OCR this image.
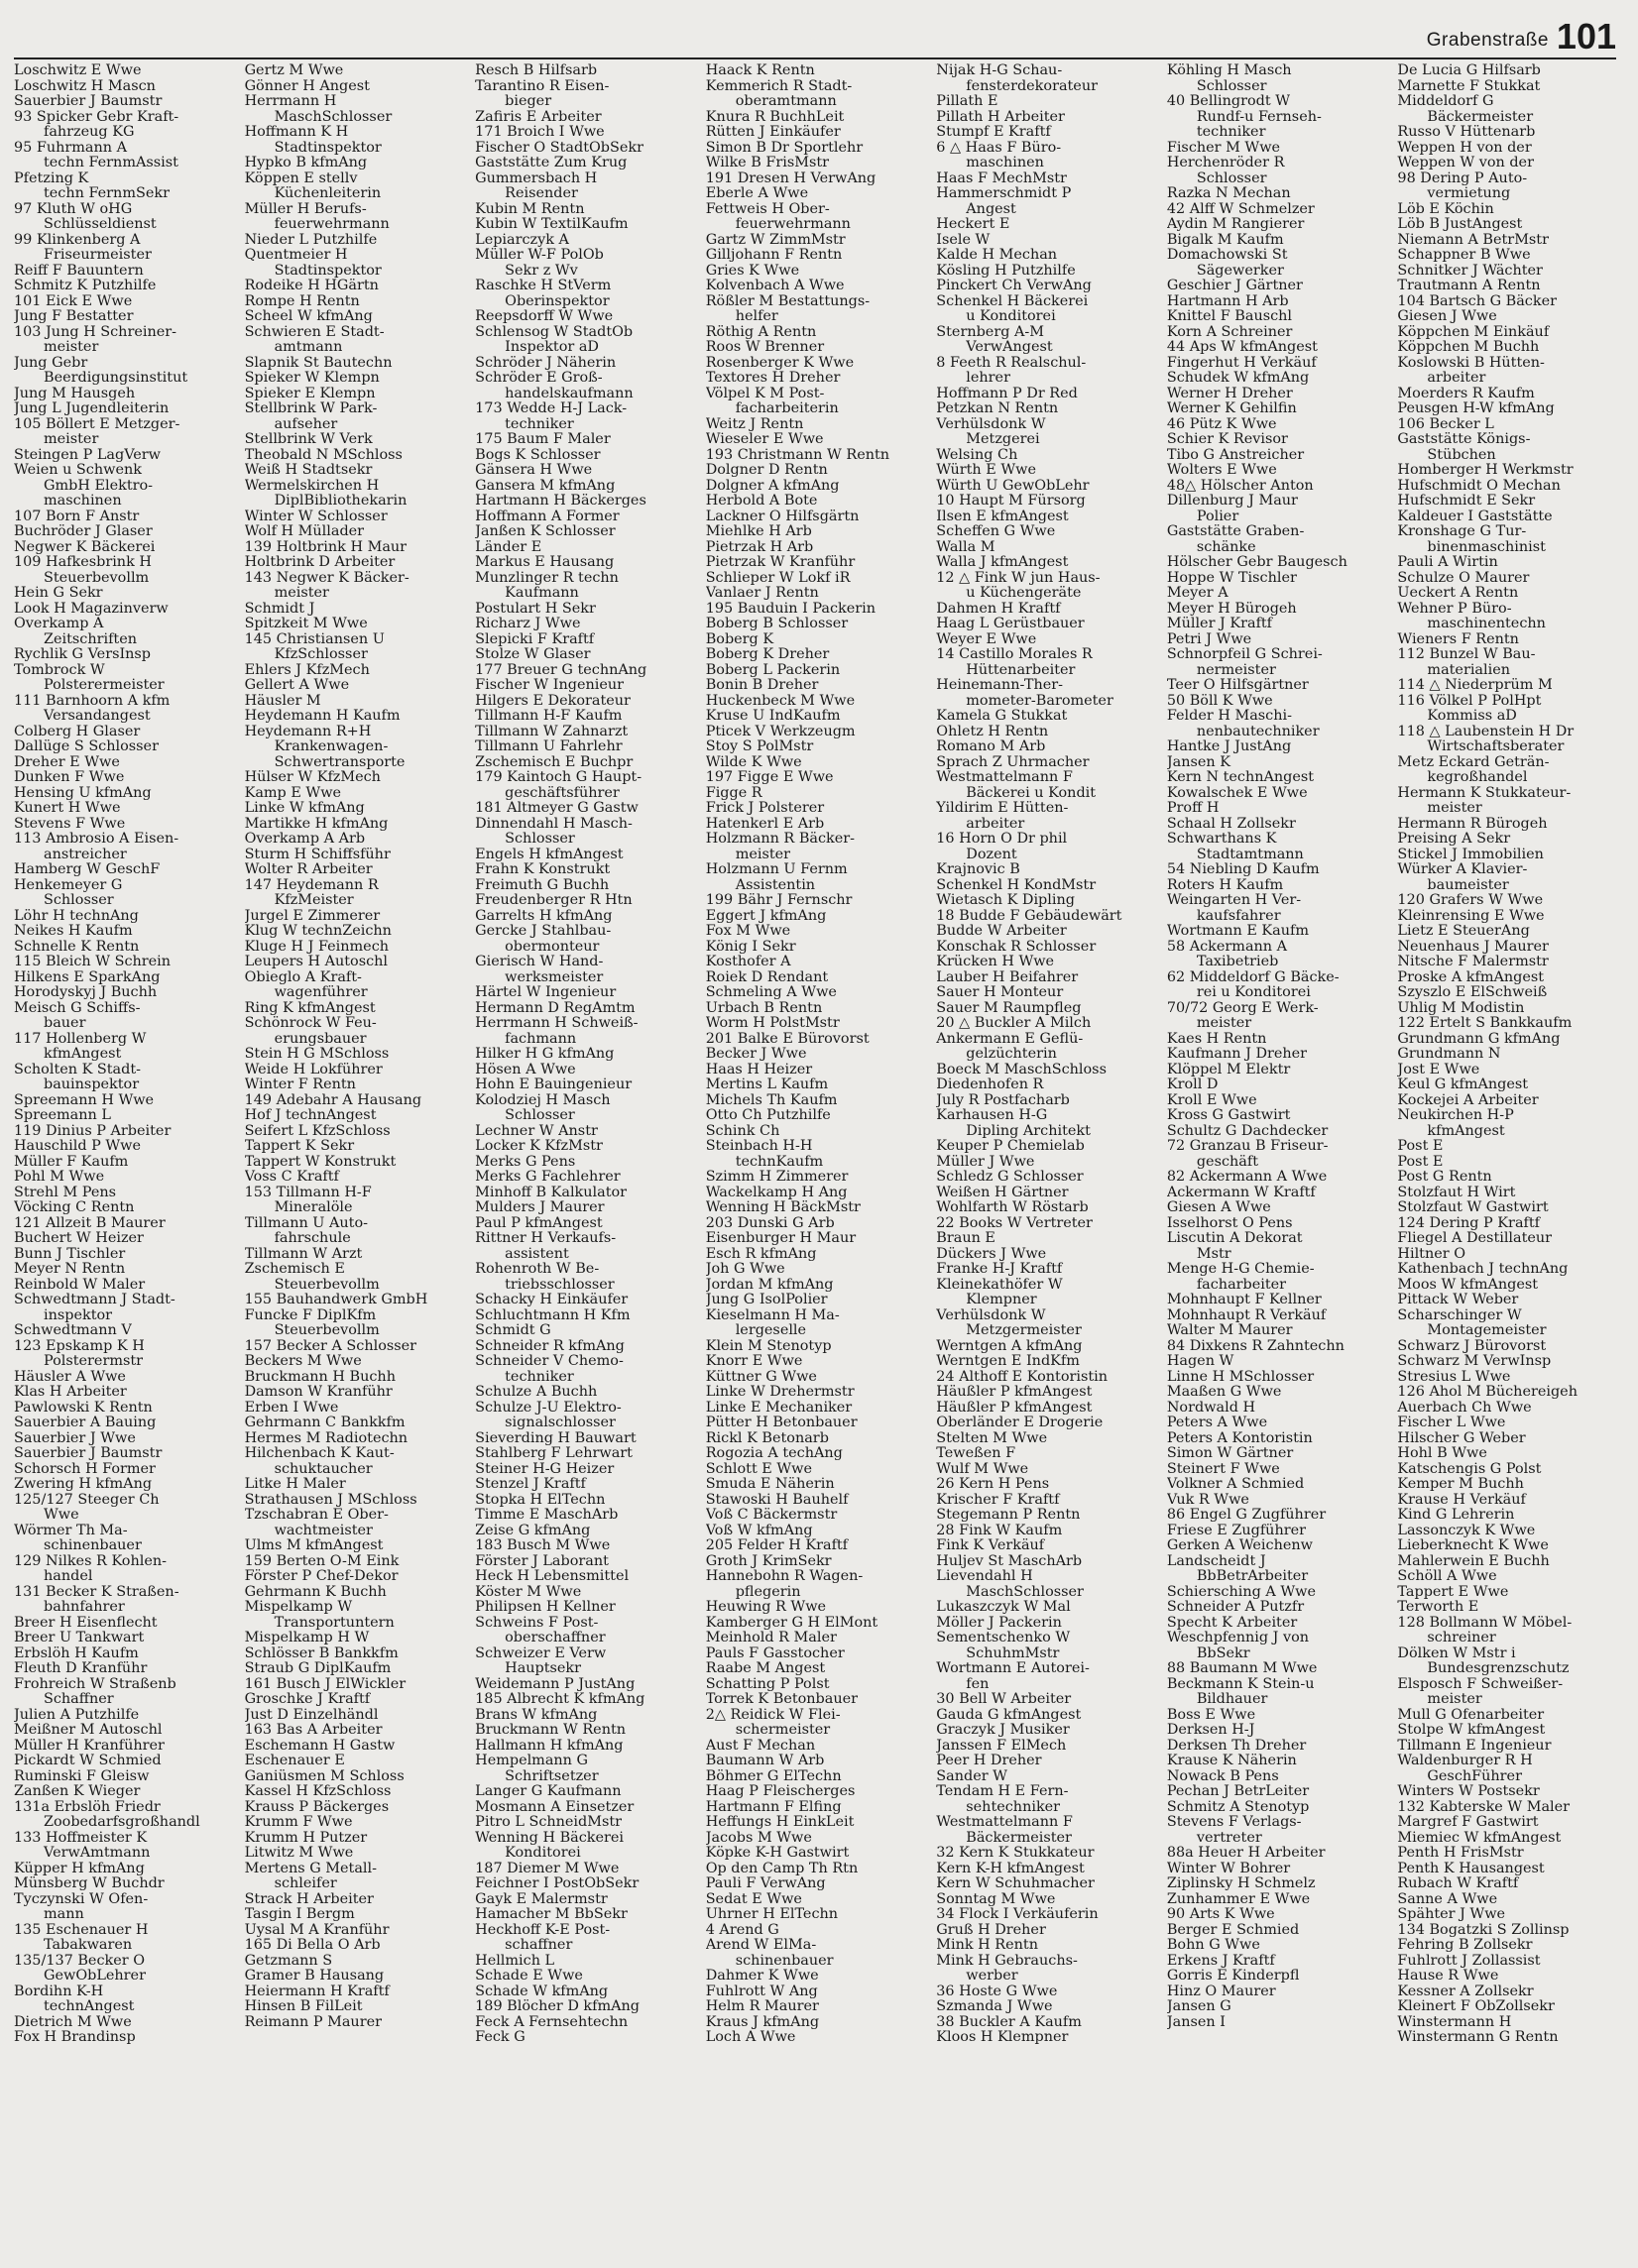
Grabenstraße 101
Loschwitz E Wwe
Loschwitz H Mascn
Sauerbier J Baumstr
93 Spicker Gebr Kraft-
fahrzeug KG
95 Fuhrmann A
techn FernmAssist
Pfetzing K
techn FernmSekr
97 Kluth W oHG
Schlüsseldienst
99 Klinkenberg A
Friseurmeister
Reiff F Bauuntern
Schmitz K Putzhilfe
101 Eick E Wwe
Jung F Bestatter
103 Jung H Schreiner-
meister
Jung Gebr
Beerdigungsinstitut
Jung M Hausgeh
Jung L Jugendleiterin
105 Böllert E Metzger-
meister
Steingen P LagVerw
Weien u Schwenk
GmbH Elektro-
maschinen
107 Born F Anstr
Buchröder J Glaser
Negwer K Bäckerei
109 Hafkesbrink H
Steuerbevollm
Hein G Sekr
Look H Magazinverw
Overkamp A
Zeitschriften
Rychlik G VersInsp
Tombrock W
Polsterermeister
111 Barnhoorn A kfm
Versandangest
Colberg H Glaser
Dallüge S Schlosser
Dreher E Wwe
Dunken F Wwe
Hensing U kfmAng
Kunert H Wwe
Stevens F Wwe
113 Ambrosio A Eisen-
anstreicher
Hamberg W GeschF
Henkemeyer G
Schlosser
Löhr H technAng
Neikes H Kaufm
Schnelle K Rentn
115 Bleich W Schrein
Hilkens E SparkAng
Horodyskyj J Buchh
Meisch G Schiffs-
bauer
117 Hollenberg W
kfmAngest
Scholten K Stadt-
bauinspektor
Spreemann H Wwe
Spreemann L
119 Dinius P Arbeiter
Hauschild P Wwe
Müller F Kaufm
Pohl M Wwe
Strehl M Pens
Vöcking C Rentn
121 Allzeit B Maurer
Buchert W Heizer
Bunn J Tischler
Meyer N Rentn
Reinbold W Maler
Schwedtmann J Stadt-
inspektor
Schwedtmann V
123 Epskamp K H
Polsterermstr
Häusler A Wwe
Klas H Arbeiter
Pawlowski K Rentn
Sauerbier A Bauing
Sauerbier J Wwe
Sauerbier J Baumstr
Schorsch H Former
Zwering H kfmAng
125/127 Steeger Ch
Wwe
Wörmer Th Ma-
schinenbauer
129 Nilkes R Kohlen-
handel
131 Becker K Straßen-
bahnfahrer
Breer H Eisenflecht
Breer U Tankwart
Erbslöh H Kaufm
Fleuth D Kranführ
Frohreich W Straßenb
Schaffner
Julien A Putzhilfe
Meißner M Autoschl
Müller H Kranführer
Pickardt W Schmied
Ruminski F Gleisw
Zanßen K Wieger
131a Erbslöh Friedr
Zoobedarfsgroßhandl
133 Hoffmeister K
VerwAmtmann
Küpper H kfmAng
Münsberg W Buchdr
Tyczynski W Ofen-
mann
135 Eschenauer H
Tabakwaren
135/137 Becker O
GewObLehrer
Bordihn K-H
technAngest
Dietrich M Wwe
Fox H Brandinsp
Gertz M Wwe
Gönner H Angest
Herrmann H
MaschSchlosser
Hoffmann K H
Stadtinspektor
Hypko B kfmAng
Köppen E stellv
Küchenleiterin
Müller H Berufs-
feuerwehrmann
Nieder L Putzhilfe
Quentmeier H
Stadtinspektor
Rodeike H HGärtn
Rompe H Rentn
Scheel W kfmAng
Schwieren E Stadt-
amtmann
Slapnik St Bautechn
Spieker W Klempn
Spieker E Klempn
Stellbrink W Park-
aufseher
Stellbrink W Verk
Theobald N MSchloss
Weiß H Stadtsekr
Wermelskirchen H
DiplBibliothekarin
Winter W Schlosser
Wolf H Müllader
139 Holtbrink H Maur
Holtbrink D Arbeiter
143 Negwer K Bäcker-
meister
Schmidt J
Spitzkeit M Wwe
145 Christiansen U
KfzSchlosser
Ehlers J KfzMech
Gellert A Wwe
Häusler M
Heydemann H Kaufm
Heydemann R+H
Krankenwagen-
Schwertransporte
Hülser W KfzMech
Kamp E Wwe
Linke W kfmAng
Martikke H kfmAng
Overkamp A Arb
Sturm H Schiffsführ
Wolter R Arbeiter
147 Heydemann R
KfzMeister
Jurgel E Zimmerer
Klug W technZeichn
Kluge H J Feinmech
Leupers H Autoschl
Obieglo A Kraft-
wagenführer
Ring K kfmAngest
Schönrock W Feu-
erungsbauer
Stein H G MSchloss
Weide H Lokführer
Winter F Rentn
149 Adebahr A Hausang
Hof J technAngest
Seifert L KfzSchloss
Tappert K Sekr
Tappert W Konstrukt
Voss C Kraftf
153 Tillmann H-F
Mineralöle
Tillmann U Auto-
fahrschule
Tillmann W Arzt
Zschemisch E
Steuerbevollm
155 Bauhandwerk GmbH
Funcke F DiplKfm
Steuerbevollm
157 Becker A Schlosser
Beckers M Wwe
Bruckmann H Buchh
Damson W Kranführ
Erben I Wwe
Gehrmann C Bankkfm
Hermes M Radiotechn
Hilchenbach K Kaut-
schuktaucher
Litke H Maler
Strathausen J MSchloss
Tzschabran E Ober-
wachtmeister
Ulms M kfmAngest
159 Berten O-M Eink
Förster P Chef-Dekor
Gehrmann K Buchh
Mispelkamp W
Transportuntern
Mispelkamp H W
Schlösser B Bankkfm
Straub G DiplKaufm
161 Busch J ElWickler
Groschke J Kraftf
Just D Einzelhändl
163 Bas A Arbeiter
Eschemann H Gastw
Eschenauer E
Ganiüsmen M Schloss
Kassel H KfzSchloss
Krauss P Bäckerges
Krumm F Wwe
Krumm H Putzer
Litwitz M Wwe
Mertens G Metall-
schleifer
Strack H Arbeiter
Tasgin I Bergm
Uysal M A Kranführ
165 Di Bella O Arb
Getzmann S
Gramer B Hausang
Heiermann H Kraftf
Hinsen B FilLeit
Reimann P Maurer
Resch B Hilfsarb
Tarantino R Eisen-
bieger
Zafiris E Arbeiter
171 Broich I Wwe
Fischer O StadtObSekr
Gaststätte Zum Krug
Gummersbach H
Reisender
Kubin M Rentn
Kubin W TextilKaufm
Lepiarczyk A
Müller W-F PolOb
Sekr z Wv
Raschke H StVerm
Oberinspektor
Reepsdorff W Wwe
Schlensog W StadtOb
Inspektor aD
Schröder J Näherin
Schröder E Groß-
handelskaufmann
173 Wedde H-J Lack-
techniker
175 Baum F Maler
Bogs K Schlosser
Gänsera H Wwe
Gansera M kfmAng
Hartmann H Bäckerges
Hoffmann A Former
Janßen K Schlosser
Länder E
Markus E Hausang
Munzlinger R techn
Kaufmann
Postulart H Sekr
Richarz J Wwe
Slepicki F Kraftf
Stolze W Glaser
177 Breuer G technAng
Fischer W Ingenieur
Hilgers E Dekorateur
Tillmann H-F Kaufm
Tillmann W Zahnarzt
Tillmann U Fahrlehr
Zschemisch E Buchpr
179 Kaintoch G Haupt-
geschäftsführer
181 Altmeyer G Gastw
Dinnendahl H Masch-
Schlosser
Engels H kfmAngest
Frahn K Konstrukt
Freimuth G Buchh
Freudenberger R Htn
Garrelts H kfmAng
Gercke J Stahlbau-
obermonteur
Gierisch W Hand-
werksmeister
Härtel W Ingenieur
Hermann D RegAmtm
Herrmann H Schweiß-
fachmann
Hilker H G kfmAng
Hösen A Wwe
Hohn E Bauingenieur
Kolodziej H Masch
Schlosser
Lechner W Anstr
Locker K KfzMstr
Merks G Pens
Merks G Fachlehrer
Minhoff B Kalkulator
Mulders J Maurer
Paul P kfmAngest
Rittner H Verkaufs-
assistent
Rohenroth W Be-
triebsschlosser
Schacky H Einkäufer
Schluchtmann H Kfm
Schmidt G
Schneider R kfmAng
Schneider V Chemo-
techniker
Schulze A Buchh
Schulze J-U Elektro-
signalschlosser
Sieverding H Bauwart
Stahlberg F Lehrwart
Steiner H-G Heizer
Stenzel J Kraftf
Stopka H ElTechn
Timme E MaschArb
Zeise G kfmAng
183 Busch M Wwe
Förster J Laborant
Heck H Lebensmittel
Köster M Wwe
Philipsen H Kellner
Schweins F Post-
oberschaffner
Schweizer E Verw
Hauptsekr
Weidemann P JustAng
185 Albrecht K kfmAng
Brans W kfmAng
Bruckmann W Rentn
Hallmann H kfmAng
Hempelmann G
Schriftsetzer
Langer G Kaufmann
Mosmann A Einsetzer
Pitro L SchneidMstr
Wenning H Bäckerei
Konditorei
187 Diemer M Wwe
Feichner I PostObSekr
Gayk E Malermstr
Hamacher M BbSekr
Heckhoff K-E Post-
schaffner
Hellmich L
Schade E Wwe
Schade W kfmAng
189 Blöcher D kfmAng
Feck A Fernsehtechn
Feck G
Haack K Rentn
Kemmerich R Stadt-
oberamtmann
Knura R BuchhLeit
Rütten J Einkäufer
Simon B Dr Sportlehr
Wilke B FrisMstr
191 Dresen H VerwAng
Eberle A Wwe
Fettweis H Ober-
feuerwehrmann
Gartz W ZimmMstr
Gilljohann F Rentn
Gries K Wwe
Kolvenbach A Wwe
Rößler M Bestattungs-
helfer
Röthig A Rentn
Roos W Brenner
Rosenberger K Wwe
Textores H Dreher
Völpel K M Post-
facharbeiterin
Weitz J Rentn
Wieseler E Wwe
193 Christmann W Rentn
Dolgner D Rentn
Dolgner A kfmAng
Herbold A Bote
Lackner O Hilfsgärtn
Miehlke H Arb
Pietrzak H Arb
Pietrzak W Kranführ
Schlieper W Lokf iR
Vanlaer J Rentn
195 Bauduin I Packerin
Boberg B Schlosser
Boberg K
Boberg K Dreher
Boberg L Packerin
Bonin B Dreher
Huckenbeck M Wwe
Kruse U IndKaufm
Pticek V Werkzeugm
Stoy S PolMstr
Wilde K Wwe
197 Figge E Wwe
Figge R
Frick J Polsterer
Hatenkerl E Arb
Holzmann R Bäcker-
meister
Holzmann U Fernm
Assistentin
199 Bähr J Fernschr
Eggert J kfmAng
Fox M Wwe
König I Sekr
Kosthofer A
Roiek D Rendant
Schmeling A Wwe
Urbach B Rentn
Worm H PolstMstr
201 Balke E Bürovorst
Becker J Wwe
Haas H Heizer
Mertins L Kaufm
Michels Th Kaufm
Otto Ch Putzhilfe
Schink Ch
Steinbach H-H
technKaufm
Szimm H Zimmerer
Wackelkamp H Ang
Wenning H BäckMstr
203 Dunski G Arb
Eisenburger H Maur
Esch R kfmAng
Joh G Wwe
Jordan M kfmAng
Jung G IsolPolier
Kieselmann H Ma-
lergeselle
Klein M Stenotyp
Knorr E Wwe
Küttner G Wwe
Linke W Drehermstr
Linke E Mechaniker
Pütter H Betonbauer
Rickl K Betonarb
Rogozia A techAng
Schlott E Wwe
Smuda E Näherin
Stawoski H Bauhelf
Voß C Bäckermstr
Voß W kfmAng
205 Felder H Kraftf
Groth J KrimSekr
Hannebohn R Wagen-
pflegerin
Heuwing R Wwe
Kamberger G H ElMont
Meinhold R Maler
Pauls F Gasstocher
Raabe M Angest
Schatting P Polst
Torrek K Betonbauer
2△ Reidick W Flei-
schermeister
Aust F Mechan
Baumann W Arb
Böhmer G ElTechn
Haag P Fleischerges
Hartmann F Elfing
Heffungs H EinkLeit
Jacobs M Wwe
Köpke K-H Gastwirt
Op den Camp Th Rtn
Pauli F VerwAng
Sedat E Wwe
Uhrner H ElTechn
4 Arend G
Arend W ElMa-
schinenbauer
Dahmer K Wwe
Fuhlrott W Ang
Helm R Maurer
Kraus J kfmAng
Loch A Wwe
Nijak H-G Schau-
fensterdekorateur
Pillath E
Pillath H Arbeiter
Stumpf E Kraftf
6 △ Haas F Büro-
maschinen
Haas F MechMstr
Hammerschmidt P
Angest
Heckert E
Isele W
Kalde H Mechan
Kösling H Putzhilfe
Pinckert Ch VerwAng
Schenkel H Bäckerei
u Konditorei
Sternberg A-M
VerwAngest
8 Feeth R Realschul-
lehrer
Hoffmann P Dr Red
Petzkan N Rentn
Verhülsdonk W
Metzgerei
Welsing Ch
Würth E Wwe
Würth U GewObLehr
10 Haupt M Fürsorg
Ilsen E kfmAngest
Scheffen G Wwe
Walla M
Walla J kfmAngest
12 △ Fink W jun Haus-
u Küchengeräte
Dahmen H Kraftf
Haag L Gerüstbauer
Weyer E Wwe
14 Castillo Morales R
Hüttenarbeiter
Heinemann-Ther-
mometer-Barometer
Kamela G Stukkat
Ohletz H Rentn
Romano M Arb
Sprach Z Uhrmacher
Westmattelmann F
Bäckerei u Kondit
Yildirim E Hütten-
arbeiter
16 Horn O Dr phil
Dozent
Krajnovic B
Schenkel H KondMstr
Wietasch K Dipling
18 Budde F Gebäudewärt
Budde W Arbeiter
Konschak R Schlosser
Krücken H Wwe
Lauber H Beifahrer
Sauer H Monteur
Sauer M Raumpfleg
20 △ Buckler A Milch
Ankermann E Geflü-
gelzüchterin
Boeck M MaschSchloss
Diedenhofen R
July R Postfacharb
Karhausen H-G
Dipling Architekt
Keuper P Chemielab
Müller J Wwe
Schledz G Schlosser
Weißen H Gärtner
Wohlfarth W Röstarb
22 Books W Vertreter
Braun E
Dückers J Wwe
Franke H-J Kraftf
Kleinekathöfer W
Klempner
Verhülsdonk W
Metzgermeister
Werntgen A kfmAng
Werntgen E IndKfm
24 Althoff E Kontoristin
Häußler P kfmAngest
Häußler P kfmAngest
Oberländer E Drogerie
Stelten M Wwe
Teweßen F
Wulf M Wwe
26 Kern H Pens
Krischer F Kraftf
Stegemann P Rentn
28 Fink W Kaufm
Fink K Verkäuf
Huljev St MaschArb
Lievendahl H
MaschSchlosser
Lukaszczyk W Mal
Möller J Packerin
Sementschenko W
SchuhmMstr
Wortmann E Autorei-
fen
30 Bell W Arbeiter
Gauda G kfmAngest
Graczyk J Musiker
Janssen F ElMech
Peer H Dreher
Sander W
Tendam H E Fern-
sehtechniker
Westmattelmann F
Bäckermeister
32 Kern K Stukkateur
Kern K-H kfmAngest
Kern W Schuhmacher
Sonntag M Wwe
34 Flock I Verkäuferin
Gruß H Dreher
Mink H Rentn
Mink H Gebrauchs-
werber
36 Hoste G Wwe
Szmanda J Wwe
38 Buckler A Kaufm
Kloos H Klempner
Köhling H Masch
Schlosser
40 Bellingrodt W
Rundf-u Fernseh-
techniker
Fischer M Wwe
Herchenröder R
Schlosser
Razka N Mechan
42 Alff W Schmelzer
Aydin M Rangierer
Bigalk M Kaufm
Domachowski St
Sägewerker
Geschier J Gärtner
Hartmann H Arb
Knittel F Bauschl
Korn A Schreiner
44 Aps W kfmAngest
Fingerhut H Verkäuf
Schudek W kfmAng
Werner H Dreher
Werner K Gehilfin
46 Pütz K Wwe
Schier K Revisor
Tibo G Anstreicher
Wolters E Wwe
48△ Hölscher Anton
Dillenburg J Maur
Polier
Gaststätte Graben-
schänke
Hölscher Gebr Baugesch
Hoppe W Tischler
Meyer A
Meyer H Bürogeh
Müller J Kraftf
Petri J Wwe
Schnorpfeil G Schrei-
nermeister
Teer O Hilfsgärtner
50 Böll K Wwe
Felder H Maschi-
nenbautechniker
Hantke J JustAng
Jansen K
Kern N technAngest
Kowalschek E Wwe
Proff H
Schaal H Zollsekr
Schwarthans K
Stadtamtmann
54 Niebling D Kaufm
Roters H Kaufm
Weingarten H Ver-
kaufsfahrer
Wortmann E Kaufm
58 Ackermann A
Taxibetrieb
62 Middeldorf G Bäcke-
rei u Konditorei
70/72 Georg E Werk-
meister
Kaes H Rentn
Kaufmann J Dreher
Klöppel M Elektr
Kroll D
Kroll E Wwe
Kross G Gastwirt
Schultz G Dachdecker
72 Granzau B Friseur-
geschäft
82 Ackermann A Wwe
Ackermann W Kraftf
Giesen A Wwe
Isselhorst O Pens
Liscutin A Dekorat
Mstr
Menge H-G Chemie-
facharbeiter
Mohnhaupt F Kellner
Mohnhaupt R Verkäuf
Walter M Maurer
84 Dixkens R Zahntechn
Hagen W
Linne H MSchlosser
Maaßen G Wwe
Nordwald H
Peters A Wwe
Peters A Kontoristin
Simon W Gärtner
Steinert F Wwe
Volkner A Schmied
Vuk R Wwe
86 Engel G Zugführer
Friese E Zugführer
Gerken A Weichenw
Landscheidt J
BbBetrArbeiter
Schiersching A Wwe
Schneider A Putzfr
Specht K Arbeiter
Weschpfennig J von
BbSekr
88 Baumann M Wwe
Beckmann K Stein-u
Bildhauer
Boss E Wwe
Derksen H-J
Derksen Th Dreher
Krause K Näherin
Nowack B Pens
Pechan J BetrLeiter
Schmitz A Stenotyp
Stevens F Verlags-
vertreter
88a Heuer H Arbeiter
Winter W Bohrer
Ziplinsky H Schmelz
Zunhammer E Wwe
90 Arts K Wwe
Berger E Schmied
Bohn G Wwe
Erkens J Kraftf
Gorris E Kinderpfl
Hinz O Maurer
Jansen G
Jansen I
De Lucia G Hilfsarb
Marnette F Stukkat
Middeldorf G
Bäckermeister
Russo V Hüttenarb
Weppen H von der
Weppen W von der
98 Dering P Auto-
vermietung
Löb E Köchin
Löb B JustAngest
Niemann A BetrMstr
Schappner B Wwe
Schnitker J Wächter
Trautmann A Rentn
104 Bartsch G Bäcker
Giesen J Wwe
Köppchen M Einkäuf
Köppchen M Buchh
Koslowski B Hütten-
arbeiter
Moerders R Kaufm
Peusgen H-W kfmAng
106 Becker L
Gaststätte Königs-
Stübchen
Homberger H Werkmstr
Hufschmidt O Mechan
Hufschmidt E Sekr
Kaldeuer I Gaststätte
Kronshage G Tur-
binenmaschinist
Pauli A Wirtin
Schulze O Maurer
Ueckert A Rentn
Wehner P Büro-
maschinentechn
Wieners F Rentn
112 Bunzel W Bau-
materialien
114 △ Niederprüm M
116 Völkel P PolHpt
Kommiss aD
118 △ Laubenstein H Dr
Wirtschaftsberater
Metz Eckard Geträn-
kegroßhandel
Hermann K Stukkateur-
meister
Hermann R Bürogeh
Preising A Sekr
Stickel J Immobilien
Würker A Klavier-
baumeister
120 Grafers W Wwe
Kleinrensing E Wwe
Lietz E SteuerAng
Neuenhaus J Maurer
Nitsche F Malermstr
Proske A kfmAngest
Szyszlo E ElSchweiß
Uhlig M Modistin
122 Ertelt S Bankkaufm
Grundmann G kfmAng
Grundmann N
Jost E Wwe
Keul G kfmAngest
Kockejei A Arbeiter
Neukirchen H-P
kfmAngest
Post E
Post E
Post G Rentn
Stolzfaut H Wirt
Stolzfaut W Gastwirt
124 Dering P Kraftf
Fliegel A Destillateur
Hiltner O
Kathenbach J technAng
Moos W kfmAngest
Pittack W Weber
Scharschinger W
Montagemeister
Schwarz J Bürovorst
Schwarz M VerwInsp
Stresius L Wwe
126 Ahol M Büchereigeh
Auerbach Ch Wwe
Fischer L Wwe
Hilscher G Weber
Hohl B Wwe
Katschengis G Polst
Kemper M Buchh
Krause H Verkäuf
Kind G Lehrerin
Lassonczyk K Wwe
Lieberknecht K Wwe
Mahlerwein E Buchh
Schöll A Wwe
Tappert E Wwe
Terworth E
128 Bollmann W Möbel-
schreiner
Dölken W Mstr i
Bundesgrenzschutz
Elsposch F Schweißer-
meister
Mull G Ofenarbeiter
Stolpe W kfmAngest
Tillmann E Ingenieur
Waldenburger R H
GeschFührer
Winters W Postsekr
132 Kabterske W Maler
Margref F Gastwirt
Miemiec W kfmAngest
Penth H FrisMstr
Penth K Hausangest
Rubach W Kraftf
Sanne A Wwe
Spähter J Wwe
134 Bogatzki S Zollinsp
Fehring B Zollsekr
Fuhlrott J Zollassist
Hause R Wwe
Kessner A Zollsekr
Kleinert F ObZollsekr
Winstermann H
Winstermann G Rentn
